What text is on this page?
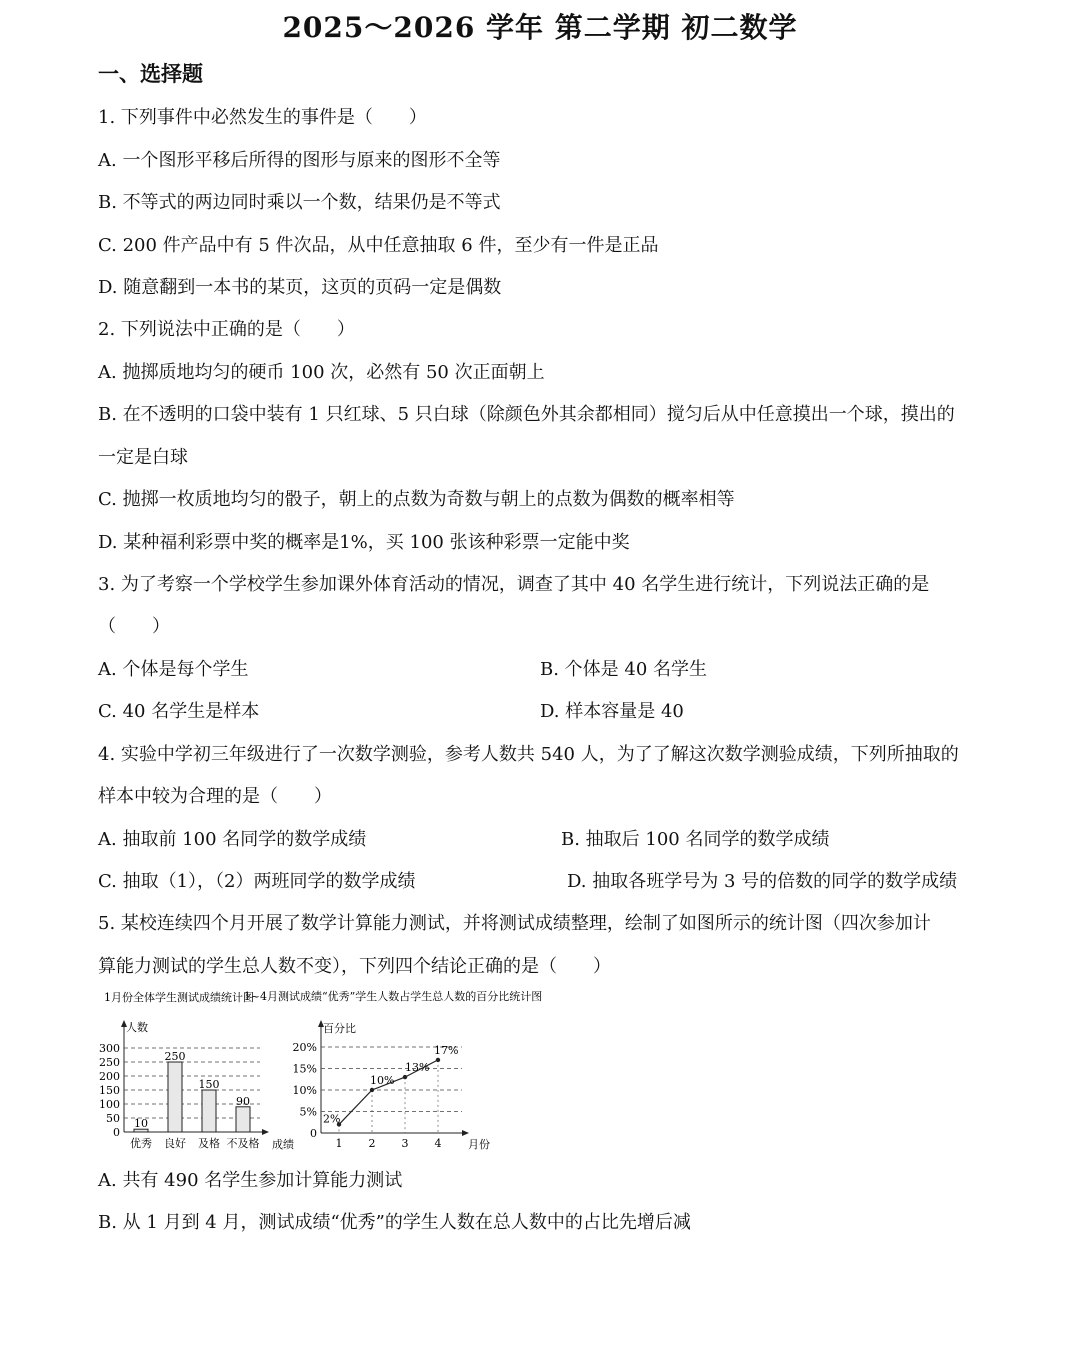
2025～2026 学年 第二学期 初二数学
一、选择题
1. 下列事件中必然发生的事件是（　　）
A. 一个图形平移后所得的图形与原来的图形不全等
B. 不等式的两边同时乘以一个数，结果仍是不等式
C. 200 件产品中有 5 件次品，从中任意抽取 6 件，至少有一件是正品
D. 随意翻到一本书的某页，这页的页码一定是偶数
2. 下列说法中正确的是（　　）
A. 抛掷质地均匀的硬币 100 次，必然有 50 次正面朝上
B. 在不透明的口袋中装有 1 只红球、5 只白球（除颜色外其余都相同）搅匀后从中任意摸出一个球，摸出的
一定是白球
C. 抛掷一枚质地均匀的骰子，朝上的点数为奇数与朝上的点数为偶数的概率相等
D. 某种福利彩票中奖的概率是1%，买 100 张该种彩票一定能中奖
3. 为了考察一个学校学生参加课外体育活动的情况，调查了其中 40 名学生进行统计，下列说法正确的是
（　　）
A. 个体是每个学生	B. 个体是 40 名学生
C. 40 名学生是样本	D. 样本容量是 40
4. 实验中学初三年级进行了一次数学测验，参考人数共 540 人，为了了解这次数学测验成绩，下列所抽取的
样本中较为合理的是（　　）
A. 抽取前 100 名同学的数学成绩	B. 抽取后 100 名同学的数学成绩
C. 抽取（1），（2）两班同学的数学成绩	D. 抽取各班学号为 3 号的倍数的同学的数学成绩
5. 某校连续四个月开展了数学计算能力测试，并将测试成绩整理，绘制了如图所示的统计图（四次参加计
算能力测试的学生总人数不变），下列四个结论正确的是（　　）
1月份全体学生测试成绩统计图
人数
成绩
0
50
100
150
200
250
300
10
优秀
250
良好
150
及格
90
不及格
1~4月测试成绩“优秀”学生人数占学生总人数的百分比统计图
百分比
月份
0
5%
10%
15%
20%
1 2 3 4
2%
10%
13%
17%
A. 共有 490 名学生参加计算能力测试
B. 从 1 月到 4 月，测试成绩“优秀”的学生人数在总人数中的占比先增后减
